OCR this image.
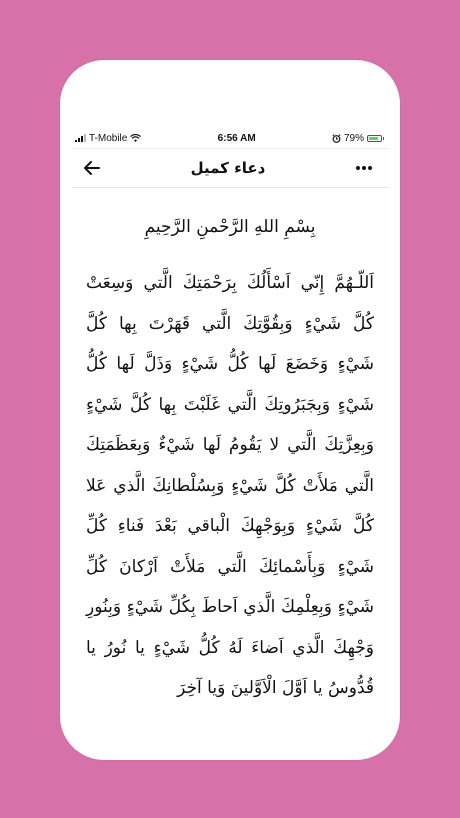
T-Mobile	6:56 AM	79%
دعاء كميل
بِسْمِ اللهِ الرَّحْمنِ الرَّحِيمِ

اَللّـهُمَّ إِنّي اَسْأَلُكَ بِرَحْمَتِكَ الَّتي وَسِعَتْ كُلَّ شَيْءٍ وَبِقُوَّتِكَ الَّتي قَهَرْتَ بِها كُلَّ شَيْءٍ وَخَضَعَ لَها كُلُّ شَيْءٍ وَذَلَّ لَها كُلُّ شَيْءٍ وَبِجَبَرُوتِكَ الَّتي غَلَبْتَ بِها كُلَّ شَيْءٍ وَبِعِزَّتِكَ الَّتي لا يَقُومُ لَها شَيْءٌ وَبِعَظَمَتِكَ الَّتي مَلأَتْ كُلَّ شَيْءٍ وَبِسُلْطانِكَ الَّذي عَلا كُلَّ شَيْءٍ وَبِوَجْهِكَ الْباقي بَعْدَ فَناءِ كُلِّ شَيْءٍ وَبِأَسْمائِكَ الَّتي مَلأَتْ اَرْكانَ كُلِّ شَيْءٍ وَبِعِلْمِكَ الَّذي اَحاطَ بِكُلِّ شَيْءٍ وَبِنُورِ وَجْهِكَ الَّذي اَضاءَ لَهُ كُلُّ شَيْءٍ يا نُورُ يا قُدُّوسُ يا اَوَّلَ الْاَوَّلينَ وَيا آخِرَ
